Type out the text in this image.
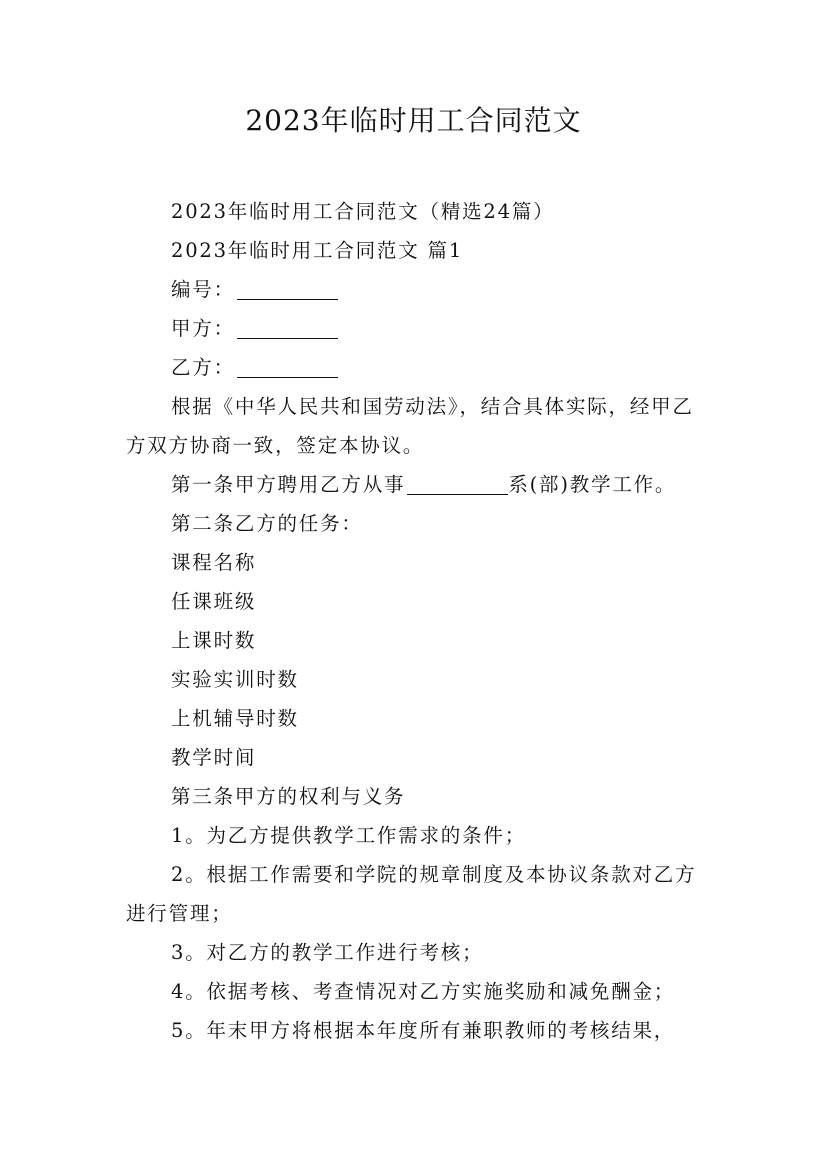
2023年临时用工合同范文
2023年临时用工合同范文（精选24篇）
2023年临时用工合同范文 篇1
编号：
甲方：
乙方：
根据《中华人民共和国劳动法》，结合具体实际，经甲乙方双方协商一致，签定本协议。
第一条甲方聘用乙方从事	系(部)教学工作。
第二条乙方的任务：
课程名称
任课班级
上课时数
实验实训时数
上机辅导时数
教学时间
第三条甲方的权利与义务
1。为乙方提供教学工作需求的条件；
2。根据工作需要和学院的规章制度及本协议条款对乙方进行管理；
3。对乙方的教学工作进行考核；
4。依据考核、考查情况对乙方实施奖励和减免酬金；
5。年末甲方将根据本年度所有兼职教师的考核结果，
